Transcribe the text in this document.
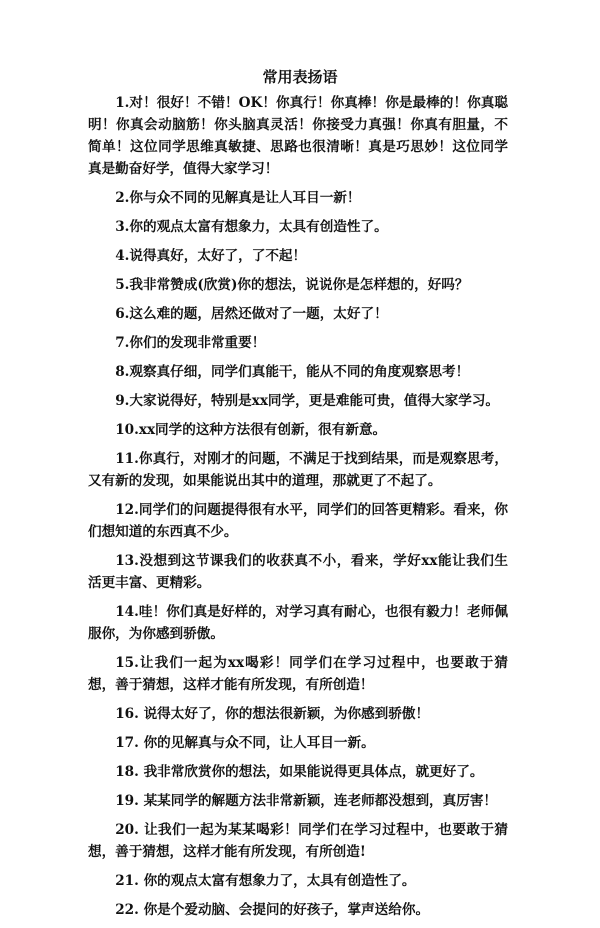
常用表扬语

1.对！很好！不错！OK！你真行！你真棒！你是最棒的！你真聪明！你真会动脑筋！你头脑真灵活！你接受力真强！你真有胆量，不简单！这位同学思维真敏捷、思路也很清晰！真是巧思妙！这位同学真是勤奋好学，值得大家学习！

2.你与众不同的见解真是让人耳目一新！

3.你的观点太富有想象力，太具有创造性了。

4.说得真好，太好了，了不起！

5.我非常赞成(欣赏)你的想法，说说你是怎样想的，好吗？

6.这么难的题，居然还做对了一题，太好了！

7.你们的发现非常重要！

8.观察真仔细，同学们真能干，能从不同的角度观察思考！

9.大家说得好，特别是xx同学，更是难能可贵，值得大家学习。

10.xx同学的这种方法很有创新，很有新意。

11.你真行，对刚才的问题，不满足于找到结果，而是观察思考，又有新的发现，如果能说出其中的道理，那就更了不起了。

12.同学们的问题提得很有水平，同学们的回答更精彩。看来，你们想知道的东西真不少。

13.没想到这节课我们的收获真不小，看来，学好xx能让我们生活更丰富、更精彩。

14.哇！你们真是好样的，对学习真有耐心，也很有毅力！老师佩服你，为你感到骄傲。

15.让我们一起为xx喝彩！同学们在学习过程中，也要敢于猜想，善于猜想，这样才能有所发现，有所创造！

16. 说得太好了，你的想法很新颖，为你感到骄傲！

17. 你的见解真与众不同，让人耳目一新。

18. 我非常欣赏你的想法，如果能说得更具体点，就更好了。

19. 某某同学的解题方法非常新颖，连老师都没想到，真厉害！

20. 让我们一起为某某喝彩！同学们在学习过程中，也要敢于猜想，善于猜想，这样才能有所发现，有所创造!

21. 你的观点太富有想象力了，太具有创造性了。

22. 你是个爱动脑、会提问的好孩子，掌声送给你。
